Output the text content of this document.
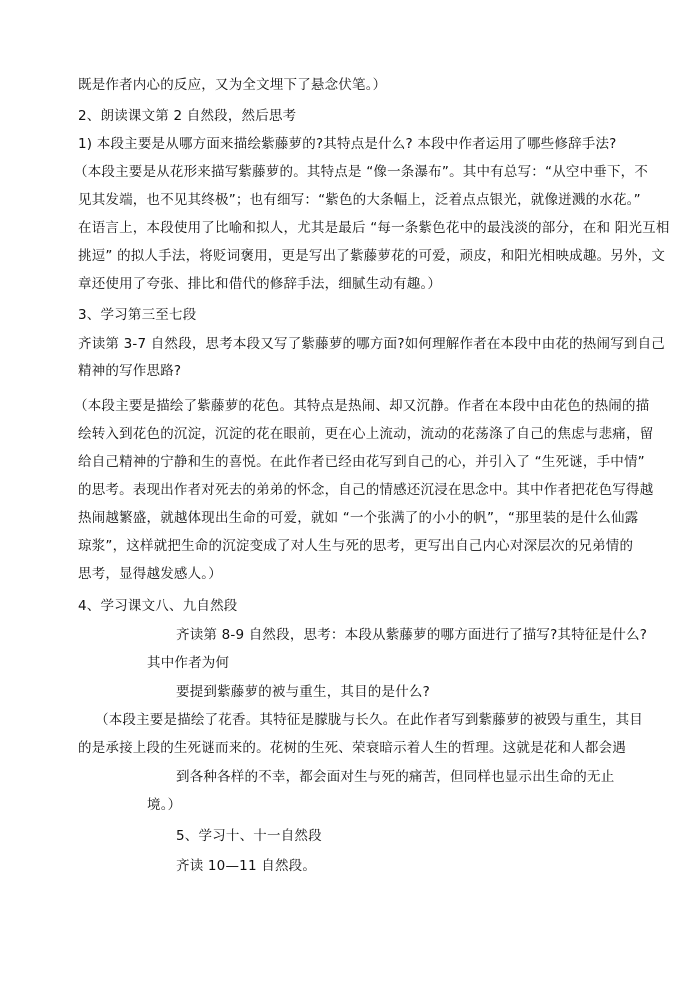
既是作者内心的反应，又为全文埋下了悬念伏笔。）
2、朗读课文第 2 自然段，然后思考
1) 本段主要是从哪方面来描绘紫藤萝的?其特点是什么? 本段中作者运用了哪些修辞手法?
（本段主要是从花形来描写紫藤萝的。其特点是 “像一条瀑布”。其中有总写：“从空中垂下，不
见其发端，也不见其终极”；也有细写：“紫色的大条幅上，泛着点点银光，就像迸溅的水花。”
在语言上，本段使用了比喻和拟人，尤其是最后 “每一条紫色花中的最浅淡的部分，在和 阳光互相
挑逗” 的拟人手法，将贬词褒用，更是写出了紫藤萝花的可爱，顽皮，和阳光相映成趣。另外，文
章还使用了夸张、排比和借代的修辞手法，细腻生动有趣。）
3、学习第三至七段
齐读第 3-7 自然段，思考本段又写了紫藤萝的哪方面?如何理解作者在本段中由花的热闹写到自己
精神的写作思路?
（本段主要是描绘了紫藤萝的花色。其特点是热闹、却又沉静。作者在本段中由花色的热闹的描
绘转入到花色的沉淀，沉淀的花在眼前，更在心上流动，流动的花荡涤了自己的焦虑与悲痛，留
给自己精神的宁静和生的喜悦。在此作者已经由花写到自己的心，并引入了 “生死谜，手中情”
的思考。表现出作者对死去的弟弟的怀念，自己的情感还沉浸在思念中。其中作者把花色写得越
热闹越繁盛，就越体现出生命的可爱，就如 “一个张满了的小小的帆”，“那里装的是什么仙露
琼浆”，这样就把生命的沉淀变成了对人生与死的思考，更写出自己内心对深层次的兄弟情的
思考，显得越发感人。）
4、学习课文八、九自然段
齐读第 8-9 自然段，思考：本段从紫藤萝的哪方面进行了描写?其特征是什么?
其中作者为何
要提到紫藤萝的被与重生，其目的是什么?
（本段主要是描绘了花香。其特征是朦胧与长久。在此作者写到紫藤萝的被毁与重生，其目
的是承接上段的生死谜而来的。花树的生死、荣衰暗示着人生的哲理。这就是花和人都会遇
到各种各样的不幸，都会面对生与死的痛苦，但同样也显示出生命的无止
境。）
5、学习十、十一自然段
齐读 10—11 自然段。
